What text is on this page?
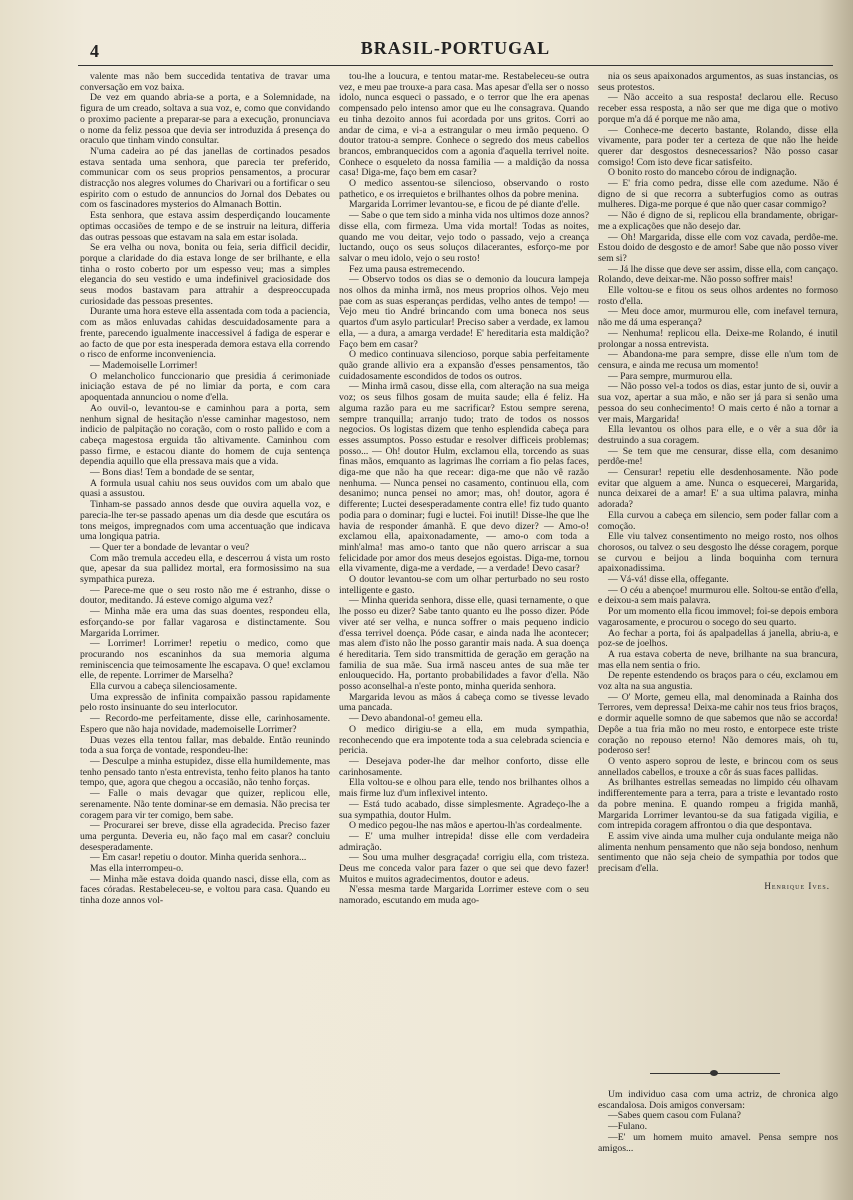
4	BRASIL-PORTUGAL

valente mas não bem succedida tentativa de travar uma conversação em voz baixa.

De vez em quando abria-se a porta, e a Solemnidade, na figura de um creado, soltava a sua voz, e, como que convidando o proximo paciente a preparar-se para a execução, pronunciava o nome da feliz pessoa que devia ser introduzida á presença do oraculo que tinham vindo consultar.

N'uma cadeira ao pé das janellas de cortinados pesados estava sentada uma senhora, que parecia ter preferido, communicar com os seus proprios pensamentos, a procurar distracção nos alegres volumes do Charivari ou a fortificar o seu espirito com o estudo de annuncios do Jornal dos Debates ou com os fascinadores mysterios do Almanach Bottin.

Esta senhora, que estava assim desperdiçando loucamente optimas occasiões de tempo e de se instruir na leitura, differia das outras pessoas que estavam na sala em estar isolada.

Se era velha ou nova, bonita ou feia, seria difficil decidir, porque a claridade do dia estava longe de ser brilhante, e ella tinha o rosto coberto por um espesso veu; mas a simples elegancia do seu vestido e uma indefinivel graciosidade dos seus modos bastavam para attrahir a despreoccupada curiosidade das pessoas presentes.

Durante uma hora esteve ella assentada com toda a paciencia, com as mãos enluvadas cahidas descuidadosamente para a frente, parecendo igualmente inaccessivel á fadiga de esperar e ao facto de que por esta inesperada demora estava ella correndo o risco de enforme inconveniencia.

— Mademoiselle Lorrimer!

O melancholico funccionario que presidia á cerimoniade iniciação estava de pé no limiar da porta, e com cara apoquentada annunciou o nome d'ella.

Ao ouvil-o, levantou-se e caminhou para a porta, sem nenhum signal de hesitação n'esse caminhar magestoso, nem indicio de palpitação no coração, com o rosto pallido e com a cabeça magestosa erguida tão altivamente. Caminhou com passo firme, e estacou diante do homem de cuja sentença dependia aquillo que ella pressava mais que a vida.

— Bons dias! Tem a bondade de se sentar,

A formula usual cahiu nos seus ouvidos com um abalo que quasi a assustou.

Tinham-se passado annos desde que ouvira aquella voz, e parecia-lhe ter-se passado apenas um dia desde que escutára os tons meigos, impregnados com uma accentuação que indicava uma longiqua patria.

— Quer ter a bondade de levantar o veu?

Com mão tremula accedeu ella, e descerrou á vista um rosto que, apesar da sua pallidez mortal, era formosissimo na sua sympathica pureza.

— Parece-me que o seu rosto não me é estranho, disse o doutor, meditando. Já esteve comigo alguma vez?

— Minha mãe era uma das suas doentes, respondeu ella, esforçando-se por fallar vagarosa e distinctamente. Sou Margarida Lorrimer.

— Lorrimer! Lorrimer! repetiu o medico, como que procurando nos escaninhos da sua memoria alguma reminiscencia que teimosamente lhe escapava. O que! exclamou elle, de repente. Lorrimer de Marselha?

Ella curvou a cabeça silenciosamente.

Uma expressão de infinita compaixão passou rapidamente pelo rosto insinuante do seu interlocutor.

— Recordo-me perfeitamente, disse elle, carinhosamente. Espero que não haja novidade, mademoiselle Lorrimer?

Duas vezes ella tentou fallar, mas debalde. Então reunindo toda a sua força de vontade, respondeu-lhe:

— Desculpe a minha estupidez, disse ella humildemente, mas tenho pensado tanto n'esta entrevista, tenho feito planos ha tanto tempo, que, agora que chegou a occasião, não tenho forças.

— Falle o mais devagar que quizer, replicou elle, serenamente. Não tente dominar-se em demasia. Não precisa ter coragem para vir ter comigo, bem sabe.

— Procurarei ser breve, disse ella agradecida. Preciso fazer uma pergunta. Deveria eu, não faço mal em casar? concluiu desesperadamente.

— Em casar! repetiu o doutor. Minha querida senhora...

Mas ella interrompeu-o.

— Minha mãe estava doida quando nasci, disse ella, com as faces córadas. Restabeleceu-se, e voltou para casa. Quando eu tinha doze annos vol-

tou-lhe a loucura, e tentou matar-me. Restabeleceu-se outra vez, e meu pae trouxe-a para casa. Mas apesar d'ella ser o nosso idolo, nunca esqueci o passado, e o terror que lhe era apenas compensado pelo intenso amor que eu lhe consagrava. Quando eu tinha dezoito annos fui acordada por uns gritos. Corri ao andar de cima, e vi-a a estrangular o meu irmão pequeno. O doutor tratou-a sempre. Conhece o segredo dos meus cabellos brancos, embranquecidos com a agonia d'aquella terrivel noite. Conhece o esqueleto da nossa familia — a maldição da nossa casa! Diga-me, faço bem em casar?

O medico assentou-se silencioso, observando o rosto pathetico, e os irrequietos e brilhantes olhos da pobre menina.

Margarida Lorrimer levantou-se, e ficou de pé diante d'elle.

— Sabe o que tem sido a minha vida nos ultimos doze annos? disse ella, com firmeza. Uma vida mortal! Todas as noites, quando me vou deitar, vejo todo o passado, vejo a creança luctando, ouço os seus soluços dilacerantes, esforço-me por salvar o meu idolo, vejo o seu rosto!

Fez uma pausa estremecendo.

— Observo todos os dias se o demonio da loucura lampeja nos olhos da minha irmã, nos meus proprios olhos. Vejo meu pae com as suas esperanças perdidas, velho antes de tempo! — Vejo meu tio André brincando com uma boneca nos seus quartos d'um asylo particular! Preciso saber a verdade, ex lamou ella, — a dura, a amarga verdade! E' hereditaria esta maldição? Faço bem em casar?

O medico continuava silencioso, porque sabia perfeitamente quão grande allivio era a expansão d'esses pensamentos, tão cuidadosamente escondidos de todos os outros.

— Minha irmã casou, disse ella, com alteração na sua meiga voz; os seus filhos gosam de muita saude; ella é feliz. Ha alguma razão para eu me sacrificar? Estou sempre serena, sempre tranquilla; arranjo tudo; trato de todos os nossos negocios. Os logistas dizem que tenho esplendida cabeça para esses assumptos. Posso estudar e resolver difficeis problemas; posso... — Oh! doutor Hulm, exclamou ella, torcendo as suas finas mãos, emquanto as lagrimas lhe corriam a fio pelas faces, diga-me que não ha que recear: diga-me que não vê razão nenhuma. — Nunca pensei no casamento, continuou ella, com desanimo; nunca pensei no amor; mas, oh! doutor, agora é differente; Luctei desesperadamente contra elle! fiz tudo quanto podia para o dominar; fugi e luctei. Foi inutil! Disse-lhe que lhe havia de responder ámanhã. E que devo dizer? — Amo-o! exclamou ella, apaixonadamente, — amo-o com toda a minh'alma! mas amo-o tanto que não quero arriscar a sua felicidade por amor dos meus desejos egoistas. Diga-me, tornou ella vivamente, diga-me a verdade, — a verdade! Devo casar?

O doutor levantou-se com um olhar perturbado no seu rosto intelligente e gasto.

— Minha querida senhora, disse elle, quasi ternamente, o que lhe posso eu dizer? Sabe tanto quanto eu lhe posso dizer. Póde viver até ser velha, e nunca soffrer o mais pequeno indicio d'essa terrivel doença. Póde casar, e ainda nada lhe acontecer; mas alem d'isto não lhe posso garantir mais nada. A sua doença é hereditaria. Tem sido transmittida de geração em geração na familia de sua mãe. Sua irmã nasceu antes de sua mãe ter enlouquecido. Ha, portanto probabilidades a favor d'ella. Não posso aconselhal-a n'este ponto, minha querida senhora.

Margarida levou as mãos á cabeça como se tivesse levado uma pancada.

— Devo abandonal-o! gemeu ella.

O medico dirigiu-se a ella, em muda sympathia, reconhecendo que era impotente toda a sua celebrada sciencia e pericia.

— Desejava poder-lhe dar melhor conforto, disse elle carinhosamente.

Ella voltou-se e olhou para elle, tendo nos brilhantes olhos a mais firme luz d'um inflexivel intento.

— Está tudo acabado, disse simplesmente. Agradeço-lhe a sua sympathia, doutor Hulm.

O medico pegou-lhe nas mãos e apertou-lh'as cordealmente.

— E' uma mulher intrepida! disse elle com verdadeira admiração.

— Sou uma mulher desgraçada! corrigiu ella, com tristeza. Deus me conceda valor para fazer o que sei que devo fazer! Muitos e muitos agradecimentos, doutor e adeus.

N'essa mesma tarde Margarida Lorrimer esteve com o seu namorado, escutando em muda ago-

nia os seus apaixonados argumentos, as suas instancias, os seus protestos.

— Não acceito a sua resposta! declarou elle. Recuso receber essa resposta, a não ser que me diga que o motivo porque m'a dá é porque me não ama,

— Conhece-me decerto bastante, Rolando, disse ella vivamente, para poder ter a certeza de que não lhe heide querer dar desgostos desnecessarios? Não posso casar comsigo! Com isto deve ficar satisfeito.

O bonito rosto do mancebo córou de indignação.

— E' fria como pedra, disse elle com azedume. Não é digno de si que recorra a subterfugios como as outras mulheres. Diga-me porque é que não quer casar commigo?

— Não é digno de si, replicou ella brandamente, obrigar-me a explicações que não desejo dar.

— Oh! Margarida, disse elle com voz cavada, perdôe-me. Estou doido de desgosto e de amor! Sabe que não posso viver sem si?

— Já lhe disse que deve ser assim, disse ella, com cançaço. Rolando, deve deixar-me. Não posso soffrer mais!

Elle voltou-se e fitou os seus olhos ardentes no formoso rosto d'ella.

— Meu doce amor, murmurou elle, com inefavel ternura, não me dá uma esperança?

— Nenhuma! replicou ella. Deixe-me Rolando, é inutil prolongar a nossa entrevista.

— Abandona-me para sempre, disse elle n'um tom de censura, e ainda me recusa um momento!

— Para sempre, murmurou ella.

— Não posso vel-a todos os dias, estar junto de si, ouvir a sua voz, apertar a sua mão, e não ser já para si senão uma pessoa do seu conhecimento! O mais certo é não a tornar a ver mais, Margarida!

Ella levantou os olhos para elle, e o vêr a sua dôr ia destruindo a sua coragem.

— Se tem que me censurar, disse ella, com desanimo perdôe-me!

— Censurar! repetiu elle desdenhosamente. Não pode evitar que alguem a ame. Nunca o esquecerei, Margarida, nunca deixarei de a amar! E' a sua ultima palavra, minha adorada?

Ella curvou a cabeça em silencio, sem poder fallar com a comoção.

Elle viu talvez consentimento no meigo rosto, nos olhos chorosos, ou talvez o seu desgosto lhe désse coragem, porque se curvou e beijou a linda boquinha com ternura apaixonadissima.

— Vá-vá! disse ella, offegante.

— O céu a abençoe! murmurou elle. Soltou-se então d'ella, e deixou-a sem mais palavra.

Por um momento ella ficou immovel; foi-se depois embora vagarosamente, e procurou o socego do seu quarto.

Ao fechar a porta, foi ás apalpadellas á janella, abriu-a, e poz-se de joelhos.

A rua estava coberta de neve, brilhante na sua brancura, mas ella nem sentia o frio.

De repente estendendo os braços para o céu, exclamou em voz alta na sua angustia.

— O' Morte, gemeu ella, mal denominada a Rainha dos Terrores, vem depressa! Deixa-me cahir nos teus frios braços, e dormir aquelle somno de que sabemos que não se accorda! Depôe a tua fria mão no meu rosto, e entorpece este triste coração no repouso eterno! Não demores mais, oh tu, poderoso ser!

O vento aspero soprou de leste, e brincou com os seus annellados cabellos, e trouxe a côr ás suas faces pallidas.

As brilhantes estrellas semeadas no limpido céu olhavam indifferentemente para a terra, para a triste e levantado rosto da pobre menina. E quando rompeu a frigida manhã, Margarida Lorrimer levantou-se da sua fatigada vigilia, e com intrepida coragem affrontou o dia que despontava.

E assim vive ainda uma mulher cuja ondulante meiga não alimenta nenhum pensamento que não seja bondoso, nenhum sentimento que não seja cheio de sympathia por todos que precisam d'ella.

Henrique Ives.

Um individuo casa com uma actriz, de chronica algo escandalosa. Dois amigos conversam:

—Sabes quem casou com Fulana?

—Fulano.

—E' um homem muito amavel. Pensa sempre nos amigos...
